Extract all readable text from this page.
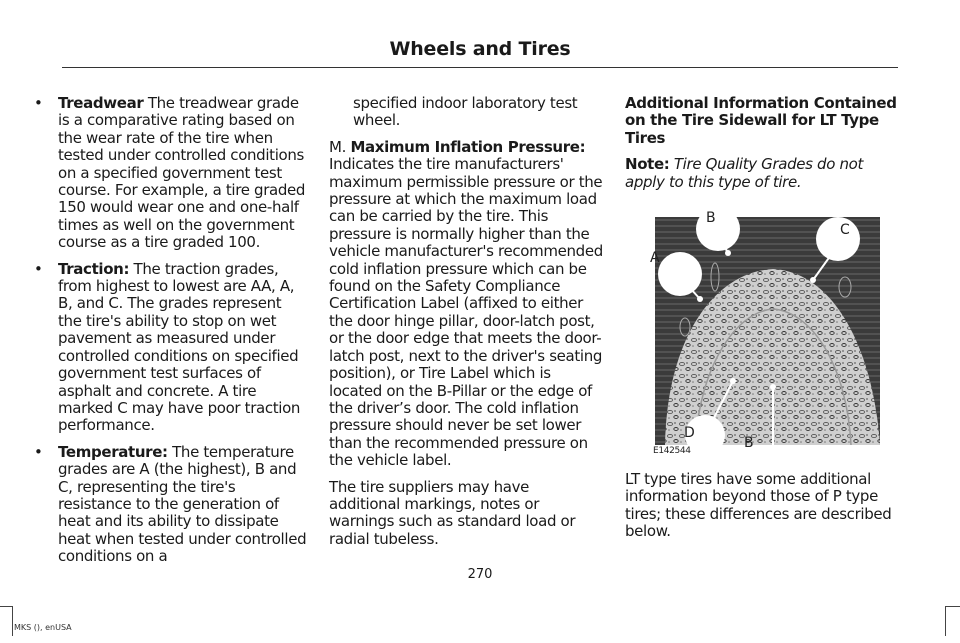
Wheels and Tires
• Treadwear The treadwear grade is a comparative rating based on the wear rate of the tire when tested under controlled conditions on a specified government test course. For example, a tire graded 150 would wear one and one-half times as well on the government course as a tire graded 100.
• Traction: The traction grades, from highest to lowest are AA, A, B, and C. The grades represent the tire's ability to stop on wet pavement as measured under controlled conditions on specified government test surfaces of asphalt and concrete. A tire marked C may have poor traction performance.
• Temperature: The temperature grades are A (the highest), B and C, representing the tire's resistance to the generation of heat and its ability to dissipate heat when tested under controlled conditions on a
specified indoor laboratory test wheel.

M. Maximum Inflation Pressure: Indicates the tire manufacturers' maximum permissible pressure or the pressure at which the maximum load can be carried by the tire. This pressure is normally higher than the vehicle manufacturer's recommended cold inflation pressure which can be found on the Safety Compliance Certification Label (affixed to either the door hinge pillar, door-latch post, or the door edge that meets the door-latch post, next to the driver's seating position), or Tire Label which is located on the B-Pillar or the edge of the driver’s door. The cold inflation pressure should never be set lower than the recommended pressure on the vehicle label.

The tire suppliers may have additional markings, notes or warnings such as standard load or radial tubeless.

Additional Information Contained on the Tire Sidewall for LT Type Tires

Note: Tire Quality Grades do not apply to this type of tire.

B
C
A
D
B
E142544

LT type tires have some additional information beyond those of P type tires; these differences are described below.

270
MKS (), enUSA
